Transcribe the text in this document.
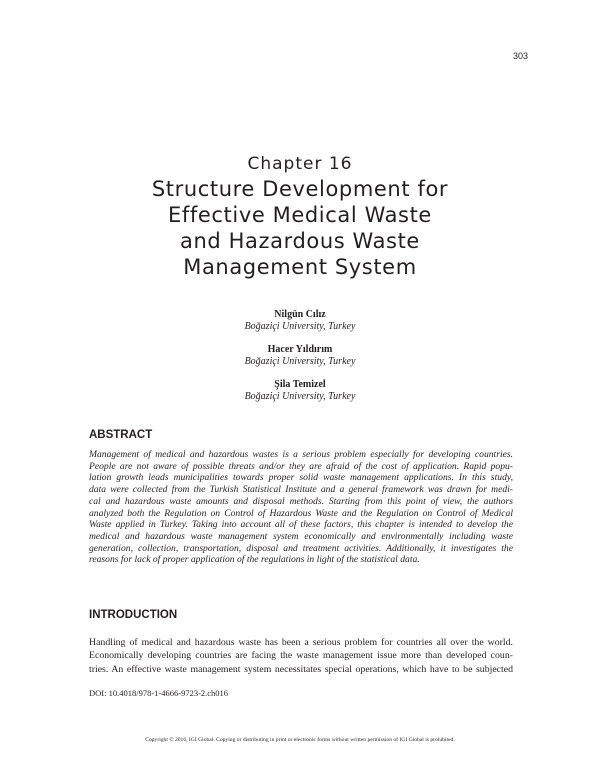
303
Chapter 16
Structure Development for
Effective Medical Waste
and Hazardous Waste
Management System
Nilgün Cılız
Boğaziçi University, Turkey
Hacer Yıldırım
Boğaziçi University, Turkey
Şila Temizel
Boğaziçi University, Turkey
ABSTRACT
Management of medical and hazardous wastes is a serious problem especially for developing countries.
People are not aware of possible threats and/or they are afraid of the cost of application. Rapid popu-
lation growth leads municipalities towards proper solid waste management applications. In this study,
data were collected from the Turkish Statistical Institute and a general framework was drawn for medi-
cal and hazardous waste amounts and disposal methods. Starting from this point of view, the authors
analyzed both the Regulation on Control of Hazardous Waste and the Regulation on Control of Medical
Waste applied in Turkey. Taking into account all of these factors, this chapter is intended to develop the
medical and hazardous waste management system economically and environmentally including waste
generation, collection, transportation, disposal and treatment activities. Additionally, it investigates the
reasons for lack of proper application of the regulations in light of the statistical data.
INTRODUCTION
Handling of medical and hazardous waste has been a serious problem for countries all over the world.
Economically developing countries are facing the waste management issue more than developed coun-
tries. An effective waste management system necessitates special operations, which have to be subjected
DOI: 10.4018/978-1-4666-9723-2.ch016
Copyright © 2016, IGI Global. Copying or distributing in print or electronic forms without written permission of IGI Global is prohibited.
